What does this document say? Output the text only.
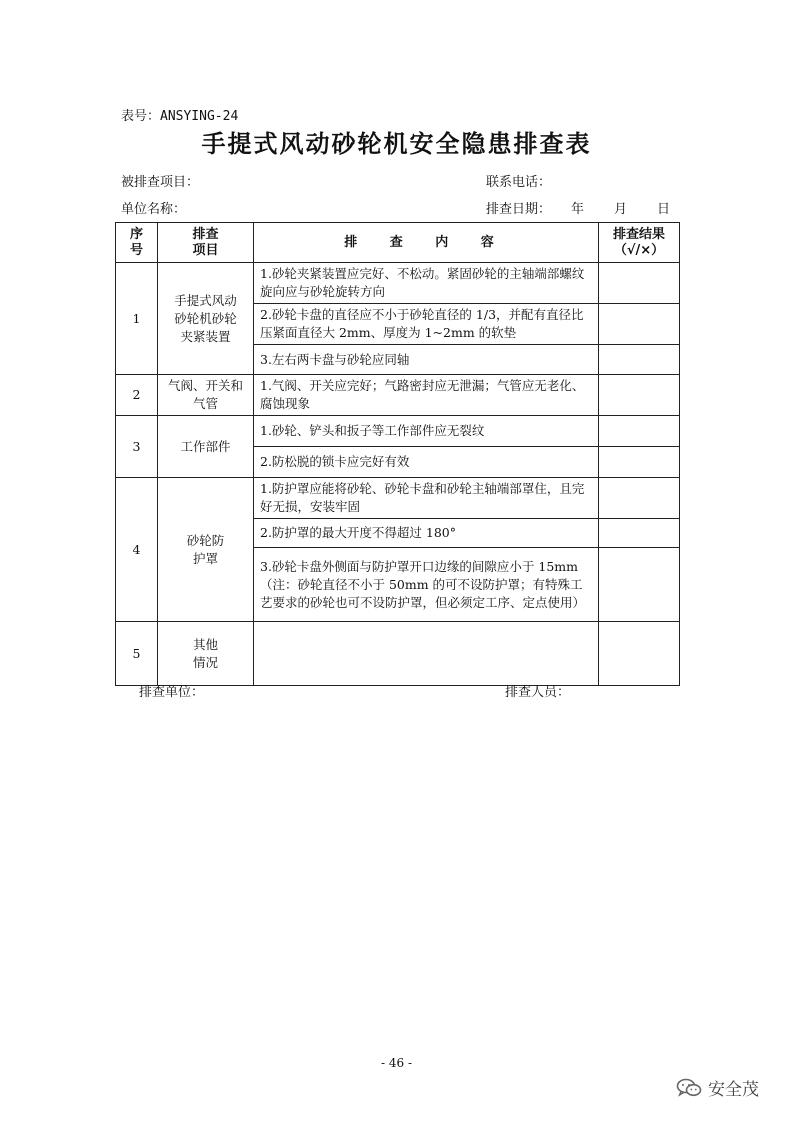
表号：ANSYING-24
手提式风动砂轮机安全隐患排查表
被排查项目：	联系电话：
单位名称：	排查日期： 年 月 日
序
号	排查
项目	排 查 内 容	排查结果
（√/×）
1	手提式风动
砂轮机砂轮
夹紧装置	1.砂轮夹紧装置应完好、不松动。紧固砂轮的主轴端部螺纹旋向应与砂轮旋转方向	
		2.砂轮卡盘的直径应不小于砂轮直径的 1/3，并配有直径比压紧面直径大 2mm、厚度为 1~2mm 的软垫	
		3.左右两卡盘与砂轮应同轴	
2	气阀、开关和
气管	1.气阀、开关应完好；气路密封应无泄漏；气管应无老化、腐蚀现象	
3	工作部件	1.砂轮、铲头和扳子等工作部件应无裂纹	
		2.防松脱的锁卡应完好有效	
4	砂轮防
护罩	1.防护罩应能将砂轮、砂轮卡盘和砂轮主轴端部罩住，且完好无损，安装牢固	
		2.防护罩的最大开度不得超过 180°	
		3.砂轮卡盘外侧面与防护罩开口边缘的间隙应小于 15mm（注：砂轮直径不小于 50mm 的可不设防护罩；有特殊工艺要求的砂轮也可不设防护罩，但必须定工序、定点使用）	
5	其他
情况		
排查单位：	排查人员：
- 46 -
安全茂
